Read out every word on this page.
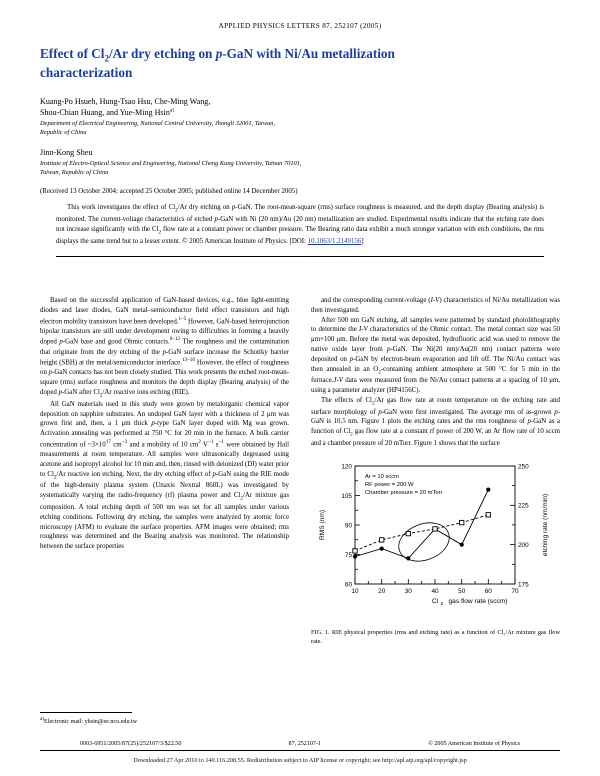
APPLIED PHYSICS LETTERS 87, 252107 (2005)
Effect of $Cl_2/Ar$ dry etching on p-GaN with Ni/Au metallization
characterization
Kuang-Po Hsueh, Hung-Tsao Hsu, Che-Ming Wang,
Shou-Chian Huang, and Yue-Ming Hsin$^{a)}$
Department of Electrical Engineering, National Central University, Jhongli 32001, Taiwan,
Republic of China
Jinn-Kong Sheu
Institute of Electro-Optical Science and Engineering, National Cheng Kung University, Tainan 70101,
Taiwan, Republic of China
(Received 13 October 2004; accepted 25 October 2005; published online 14 December 2005)
This work investigates the effect of $Cl_2/Ar$ dry etching on p-GaN. The root-mean-square (rms) surface roughness is measured, and the depth display (Bearing analysis) is monitored. The current-voltage characteristics of etched p-GaN with Ni (20 nm)/Au (20 nm) metallization are studied. Experimental results indicate that the etching rate does not increase significantly with the $Cl_2$ flow rate at a constant power or chamber pressure. The Bearing ratio data exhibit a much stronger variation with etch conditions, the rms displays the same trend but to a lesser extent. © 2005 American Institute of Physics. [DOI: 10.1063/1.2149156]

Based on the successful application of GaN-based devices, e.g., blue light-emitting diodes and laser diodes, GaN metal–semiconductor field effect transistors and high electron mobility transistors have been developed.$^{1-5}$ However, GaN-based heterojunction bipolar transistors are still under development owing to difficulties in forming a heavily doped p-GaN base and good Ohmic contacts.$^{6-12}$ The roughness and the contamination that originate from the dry etching of the p-GaN surface increase the Schottky barrier height (SBH) at the metal/semiconductor interface.$^{13-16}$ However, the effect of roughness on p-GaN contacts has not been closely studied. This work presents the etched root-mean-square (rms) surface roughness and monitors the depth display (Bearing analysis) of the doped p-GaN after $Cl_2/Ar$ reactive ions etching (RIE).

All GaN materials used in this study were grown by metalorganic chemical vapor deposition on sapphire substrates. An undoped GaN layer with a thickness of 2 μm was grown first and, then, a 1 μm thick p-type GaN layer doped with Mg was grown. Activation annealing was performed at 750 °C for 20 min in the furnace. A bulk carrier concentration of $\sim 3\times 10^{17}$ $cm^{-3}$ and a mobility of 10 $cm^2$ $V^{-1}$ $s^{-1}$ were obtained by Hall measurements at room temperature. All samples were ultrasonically degreased using acetone and isopropyl alcohol for 10 min and, then, rinsed with deionized (DI) water prior to $Cl_2/Ar$ reactive ion etching. Next, the dry etching effect of p-GaN using the RIE mode of the high-density plasma system (Unaxis Nextral 860L) was investigated by systematically varying the radio-frequency (rf) plasma power and $Cl_2/Ar$ mixture gas composition. A total etching depth of 500 nm was set for all samples under various etching conditions. Following dry etching, the samples were analyzed by atomic force microscopy (AFM) to evaluate the surface properties. AFM images were obtained; rms roughness was determined and the Bearing analysis was monitored. The relationship between the surface properties

and the corresponding current-voltage (I-V) characteristics of Ni/Au metallization was then investigated.

After 500 nm GaN etching, all samples were patterned by standard photolithography to determine the I-V characteristics of the Ohmic contact. The metal contact size was 50 μm×100 μm. Before the metal was deposited, hydrofluoric acid was used to remove the native oxide layer from p-GaN. The Ni(20 nm)/Au(20 nm) contact patterns were deposited on p-GaN by electron-beam evaporation and lift off. The Ni/Au contact was then annealed in an $O_2$-containing ambient atmosphere at 500 °C for 5 min in the furnace.J-V data were measured from the Ni/Au contact patterns at a spacing of 10 μm, using a parameter analyzer (HP4156C).

The effects of $Cl_2/Ar$ gas flow rate at room temperature on the etching rate and surface morphology of p-GaN were first investigated. The average rms of as-grown p-GaN is 10.5 nm. Figure 1 plots the etching rates and the rms roughness of p-GaN as a function of $Cl_2$ gas flow rate at a constant rf power of 200 W, an Ar flow rate of 10 sccm and a chamber pressure of 20 mTorr. Figure 1 shows that the surface

120
105
90
75
60
250
225
200
175
10	20	30	40	50	60	70
Cl 2 gas flow rate (sccm)
RMS (nm)	etching rate (nm/min)
Ar = 10 sccm
RF power = 200 W
Chamber pressure = 20 mTorr
FIG. 1. RIE physical properties (rms and etching rate) as a function of Cl₂/Ar mixture gas flow rate.
$^{a)}$Electronic mail: yhsin@ee.ncu.edu.tw
0003-6951/2005/87(25)/252107/3/$22.50	87, 252107-1	© 2005 American Institute of Physics
Downloaded 27 Apr 2010 to 140.116.208.55. Redistribution subject to AIP license or copyright; see http://apl.aip.org/apl/copyright.jsp
